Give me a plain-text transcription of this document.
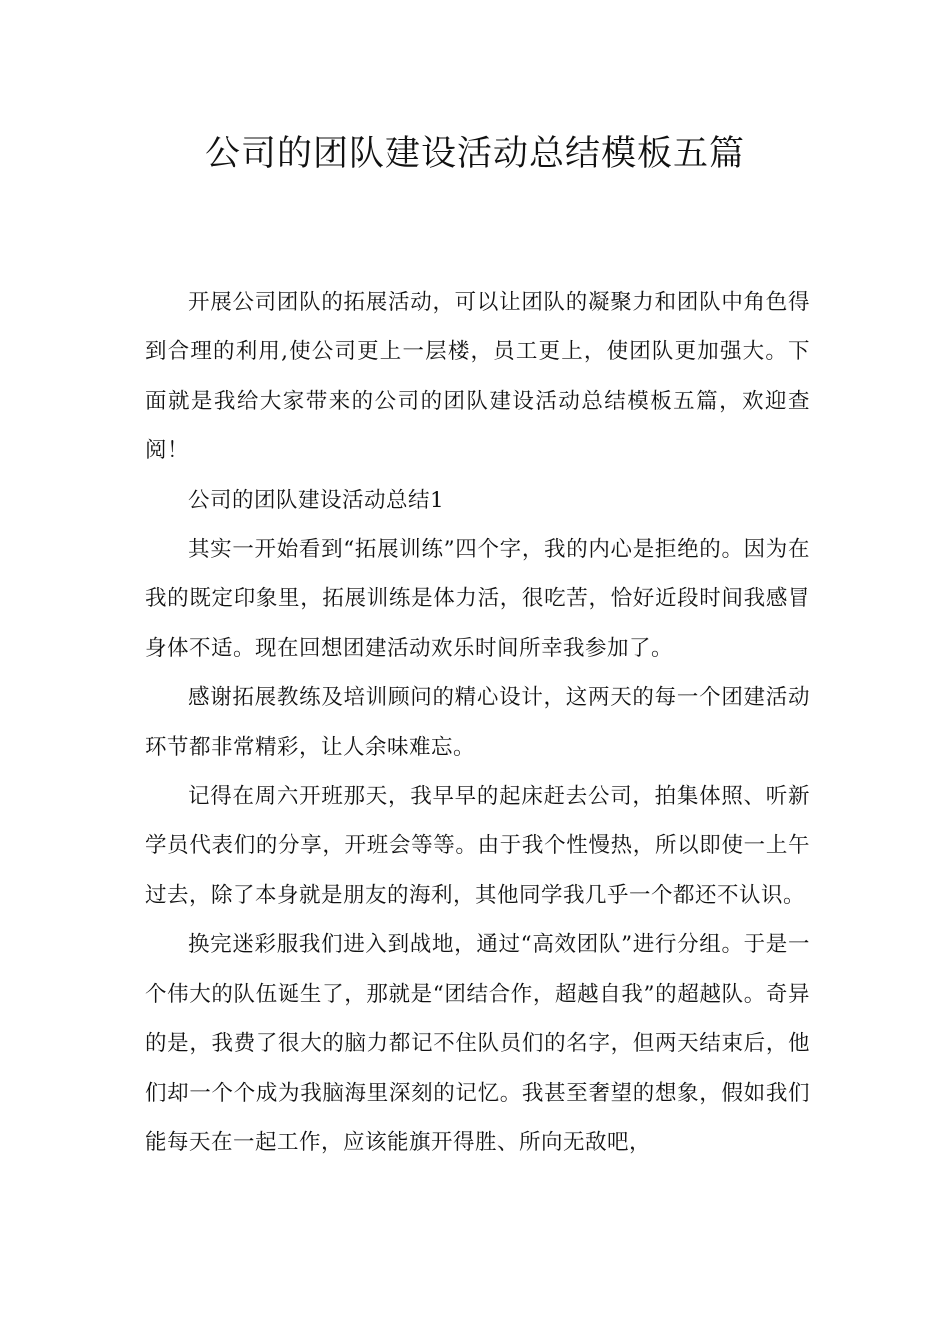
公司的团队建设活动总结模板五篇

开展公司团队的拓展活动，可以让团队的凝聚力和团队中角色得到合理的利用,使公司更上一层楼，员工更上，使团队更加强大。下面就是我给大家带来的公司的团队建设活动总结模板五篇，欢迎查阅！

公司的团队建设活动总结1

其实一开始看到“拓展训练”四个字，我的内心是拒绝的。因为在我的既定印象里，拓展训练是体力活，很吃苦，恰好近段时间我感冒身体不适。现在回想团建活动欢乐时间所幸我参加了。

感谢拓展教练及培训顾问的精心设计，这两天的每一个团建活动环节都非常精彩，让人余味难忘。

记得在周六开班那天，我早早的起床赶去公司，拍集体照、听新学员代表们的分享，开班会等等。由于我个性慢热，所以即使一上午过去，除了本身就是朋友的海利，其他同学我几乎一个都还不认识。

换完迷彩服我们进入到战地，通过“高效团队”进行分组。于是一个伟大的队伍诞生了，那就是“团结合作，超越自我”的超越队。奇异的是，我费了很大的脑力都记不住队员们的名字，但两天结束后，他们却一个个成为我脑海里深刻的记忆。我甚至奢望的想象，假如我们能每天在一起工作，应该能旗开得胜、所向无敌吧，
